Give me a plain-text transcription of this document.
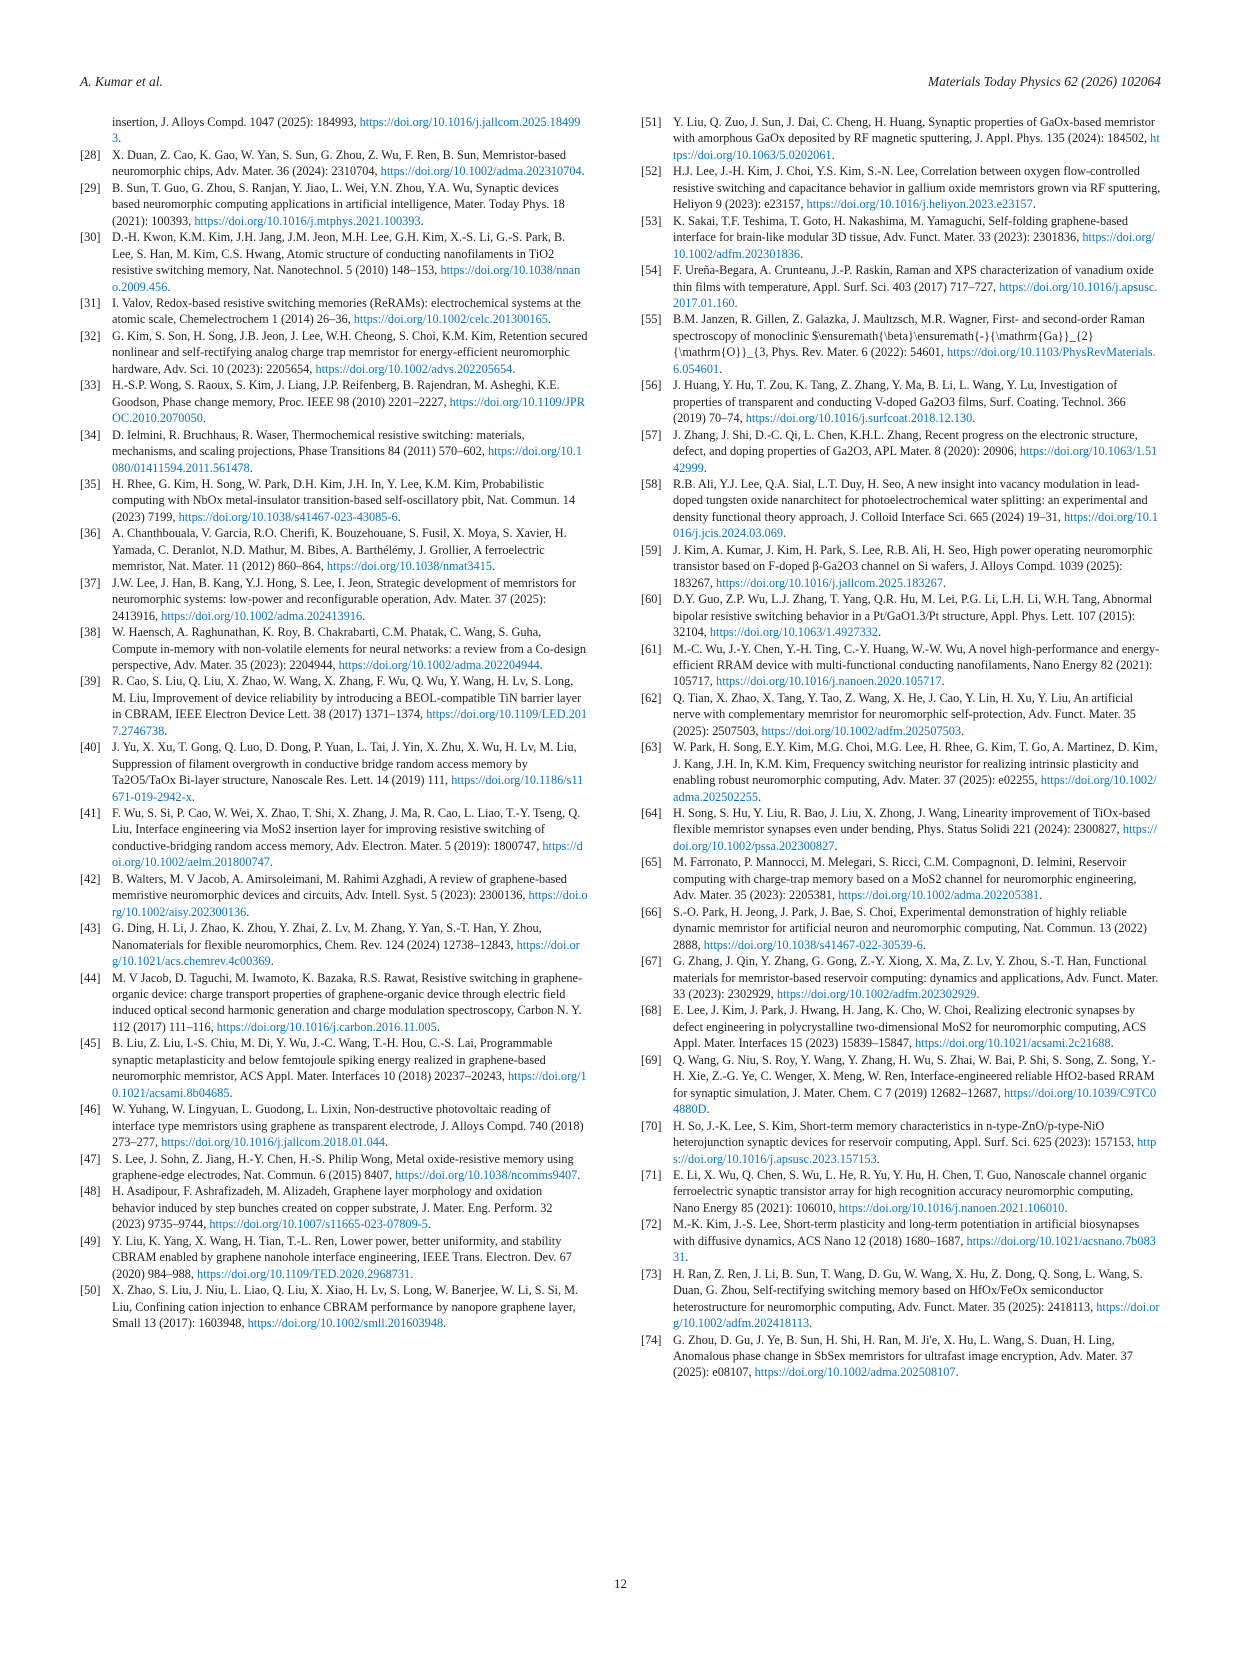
A. Kumar et al.	Materials Today Physics 62 (2026) 102064

insertion, J. Alloys Compd. 1047 (2025): 184993, https://doi.org/10.1016/j.jallcom.2025.184993.

[28] X. Duan, Z. Cao, K. Gao, W. Yan, S. Sun, G. Zhou, Z. Wu, F. Ren, B. Sun, Memristor-based neuromorphic chips, Adv. Mater. 36 (2024): 2310704, https://doi.org/10.1002/adma.202310704.

[29] B. Sun, T. Guo, G. Zhou, S. Ranjan, Y. Jiao, L. Wei, Y.N. Zhou, Y.A. Wu, Synaptic devices based neuromorphic computing applications in artificial intelligence, Mater. Today Phys. 18 (2021): 100393, https://doi.org/10.1016/j.mtphys.2021.100393.

[30] D.-H. Kwon, K.M. Kim, J.H. Jang, J.M. Jeon, M.H. Lee, G.H. Kim, X.-S. Li, G.-S. Park, B. Lee, S. Han, M. Kim, C.S. Hwang, Atomic structure of conducting nanofilaments in TiO2 resistive switching memory, Nat. Nanotechnol. 5 (2010) 148–153, https://doi.org/10.1038/nnano.2009.456.

[31] I. Valov, Redox-based resistive switching memories (ReRAMs): electrochemical systems at the atomic scale, Chemelectrochem 1 (2014) 26–36, https://doi.org/10.1002/celc.201300165.

[32] G. Kim, S. Son, H. Song, J.B. Jeon, J. Lee, W.H. Cheong, S. Choi, K.M. Kim, Retention secured nonlinear and self-rectifying analog charge trap memristor for energy-efficient neuromorphic hardware, Adv. Sci. 10 (2023): 2205654, https://doi.org/10.1002/advs.202205654.

[33] H.-S.P. Wong, S. Raoux, S. Kim, J. Liang, J.P. Reifenberg, B. Rajendran, M. Asheghi, K.E. Goodson, Phase change memory, Proc. IEEE 98 (2010) 2201–2227, https://doi.org/10.1109/JPROC.2010.2070050.

[34] D. Ielmini, R. Bruchhaus, R. Waser, Thermochemical resistive switching: materials, mechanisms, and scaling projections, Phase Transitions 84 (2011) 570–602, https://doi.org/10.1080/01411594.2011.561478.

[35] H. Rhee, G. Kim, H. Song, W. Park, D.H. Kim, J.H. In, Y. Lee, K.M. Kim, Probabilistic computing with NbOx metal-insulator transition-based self-oscillatory pbit, Nat. Commun. 14 (2023) 7199, https://doi.org/10.1038/s41467-023-43085-6.

[36] A. Chanthbouala, V. Garcia, R.O. Cherifi, K. Bouzehouane, S. Fusil, X. Moya, S. Xavier, H. Yamada, C. Deranlot, N.D. Mathur, M. Bibes, A. Barthélémy, J. Grollier, A ferroelectric memristor, Nat. Mater. 11 (2012) 860–864, https://doi.org/10.1038/nmat3415.

[37] J.W. Lee, J. Han, B. Kang, Y.J. Hong, S. Lee, I. Jeon, Strategic development of memristors for neuromorphic systems: low-power and reconfigurable operation, Adv. Mater. 37 (2025): 2413916, https://doi.org/10.1002/adma.202413916.

[38] W. Haensch, A. Raghunathan, K. Roy, B. Chakrabarti, C.M. Phatak, C. Wang, S. Guha, Compute in-memory with non-volatile elements for neural networks: a review from a Co-design perspective, Adv. Mater. 35 (2023): 2204944, https://doi.org/10.1002/adma.202204944.

[39] R. Cao, S. Liu, Q. Liu, X. Zhao, W. Wang, X. Zhang, F. Wu, Q. Wu, Y. Wang, H. Lv, S. Long, M. Liu, Improvement of device reliability by introducing a BEOL-compatible TiN barrier layer in CBRAM, IEEE Electron Device Lett. 38 (2017) 1371–1374, https://doi.org/10.1109/LED.2017.2746738.

[40] J. Yu, X. Xu, T. Gong, Q. Luo, D. Dong, P. Yuan, L. Tai, J. Yin, X. Zhu, X. Wu, H. Lv, M. Liu, Suppression of filament overgrowth in conductive bridge random access memory by Ta2O5/TaOx Bi-layer structure, Nanoscale Res. Lett. 14 (2019) 111, https://doi.org/10.1186/s11671-019-2942-x.

[41] F. Wu, S. Si, P. Cao, W. Wei, X. Zhao, T. Shi, X. Zhang, J. Ma, R. Cao, L. Liao, T.-Y. Tseng, Q. Liu, Interface engineering via MoS2 insertion layer for improving resistive switching of conductive-bridging random access memory, Adv. Electron. Mater. 5 (2019): 1800747, https://doi.org/10.1002/aelm.201800747.

[42] B. Walters, M. V Jacob, A. Amirsoleimani, M. Rahimi Azghadi, A review of graphene-based memristive neuromorphic devices and circuits, Adv. Intell. Syst. 5 (2023): 2300136, https://doi.org/10.1002/aisy.202300136.

[43] G. Ding, H. Li, J. Zhao, K. Zhou, Y. Zhai, Z. Lv, M. Zhang, Y. Yan, S.-T. Han, Y. Zhou, Nanomaterials for flexible neuromorphics, Chem. Rev. 124 (2024) 12738–12843, https://doi.org/10.1021/acs.chemrev.4c00369.

[44] M. V Jacob, D. Taguchi, M. Iwamoto, K. Bazaka, R.S. Rawat, Resistive switching in graphene-organic device: charge transport properties of graphene-organic device through electric field induced optical second harmonic generation and charge modulation spectroscopy, Carbon N. Y. 112 (2017) 111–116, https://doi.org/10.1016/j.carbon.2016.11.005.

[45] B. Liu, Z. Liu, I.-S. Chiu, M. Di, Y. Wu, J.-C. Wang, T.-H. Hou, C.-S. Lai, Programmable synaptic metaplasticity and below femtojoule spiking energy realized in graphene-based neuromorphic memristor, ACS Appl. Mater. Interfaces 10 (2018) 20237–20243, https://doi.org/10.1021/acsami.8b04685.

[46] W. Yuhang, W. Lingyuan, L. Guodong, L. Lixin, Non-destructive photovoltaic reading of interface type memristors using graphene as transparent electrode, J. Alloys Compd. 740 (2018) 273–277, https://doi.org/10.1016/j.jallcom.2018.01.044.

[47] S. Lee, J. Sohn, Z. Jiang, H.-Y. Chen, H.-S. Philip Wong, Metal oxide-resistive memory using graphene-edge electrodes, Nat. Commun. 6 (2015) 8407, https://doi.org/10.1038/ncomms9407.

[48] H. Asadipour, F. Ashrafizadeh, M. Alizadeh, Graphene layer morphology and oxidation behavior induced by step bunches created on copper substrate, J. Mater. Eng. Perform. 32 (2023) 9735–9744, https://doi.org/10.1007/s11665-023-07809-5.

[49] Y. Liu, K. Yang, X. Wang, H. Tian, T.-L. Ren, Lower power, better uniformity, and stability CBRAM enabled by graphene nanohole interface engineering, IEEE Trans. Electron. Dev. 67 (2020) 984–988, https://doi.org/10.1109/TED.2020.2968731.

[50] X. Zhao, S. Liu, J. Niu, L. Liao, Q. Liu, X. Xiao, H. Lv, S. Long, W. Banerjee, W. Li, S. Si, M. Liu, Confining cation injection to enhance CBRAM performance by nanopore graphene layer, Small 13 (2017): 1603948, https://doi.org/10.1002/smll.201603948.

[51] Y. Liu, Q. Zuo, J. Sun, J. Dai, C. Cheng, H. Huang, Synaptic properties of GaOx-based memristor with amorphous GaOx deposited by RF magnetic sputtering, J. Appl. Phys. 135 (2024): 184502, https://doi.org/10.1063/5.0202061.

[52] H.J. Lee, J.-H. Kim, J. Choi, Y.S. Kim, S.-N. Lee, Correlation between oxygen flow-controlled resistive switching and capacitance behavior in gallium oxide memristors grown via RF sputtering, Heliyon 9 (2023): e23157, https://doi.org/10.1016/j.heliyon.2023.e23157.

[53] K. Sakai, T.F. Teshima, T. Goto, H. Nakashima, M. Yamaguchi, Self-folding graphene-based interface for brain-like modular 3D tissue, Adv. Funct. Mater. 33 (2023): 2301836, https://doi.org/10.1002/adfm.202301836.

[54] F. Ureña-Begara, A. Crunteanu, J.-P. Raskin, Raman and XPS characterization of vanadium oxide thin films with temperature, Appl. Surf. Sci. 403 (2017) 717–727, https://doi.org/10.1016/j.apsusc.2017.01.160.

[55] B.M. Janzen, R. Gillen, Z. Galazka, J. Maultzsch, M.R. Wagner, First- and second-order Raman spectroscopy of monoclinic $\ensuremath{\beta}\ensuremath{-}{\mathrm{Ga}}_{2}{\mathrm{O}}_{3, Phys. Rev. Mater. 6 (2022): 54601, https://doi.org/10.1103/PhysRevMaterials.6.054601.

[56] J. Huang, Y. Hu, T. Zou, K. Tang, Z. Zhang, Y. Ma, B. Li, L. Wang, Y. Lu, Investigation of properties of transparent and conducting V-doped Ga2O3 films, Surf. Coating. Technol. 366 (2019) 70–74, https://doi.org/10.1016/j.surfcoat.2018.12.130.

[57] J. Zhang, J. Shi, D.-C. Qi, L. Chen, K.H.L. Zhang, Recent progress on the electronic structure, defect, and doping properties of Ga2O3, APL Mater. 8 (2020): 20906, https://doi.org/10.1063/1.5142999.

[58] R.B. Ali, Y.J. Lee, Q.A. Sial, L.T. Duy, H. Seo, A new insight into vacancy modulation in lead-doped tungsten oxide nanarchitect for photoelectrochemical water splitting: an experimental and density functional theory approach, J. Colloid Interface Sci. 665 (2024) 19–31, https://doi.org/10.1016/j.jcis.2024.03.069.

[59] J. Kim, A. Kumar, J. Kim, H. Park, S. Lee, R.B. Ali, H. Seo, High power operating neuromorphic transistor based on F-doped β-Ga2O3 channel on Si wafers, J. Alloys Compd. 1039 (2025): 183267, https://doi.org/10.1016/j.jallcom.2025.183267.

[60] D.Y. Guo, Z.P. Wu, L.J. Zhang, T. Yang, Q.R. Hu, M. Lei, P.G. Li, L.H. Li, W.H. Tang, Abnormal bipolar resistive switching behavior in a Pt/GaO1.3/Pt structure, Appl. Phys. Lett. 107 (2015): 32104, https://doi.org/10.1063/1.4927332.

[61] M.-C. Wu, J.-Y. Chen, Y.-H. Ting, C.-Y. Huang, W.-W. Wu, A novel high-performance and energy-efficient RRAM device with multi-functional conducting nanofilaments, Nano Energy 82 (2021): 105717, https://doi.org/10.1016/j.nanoen.2020.105717.

[62] Q. Tian, X. Zhao, X. Tang, Y. Tao, Z. Wang, X. He, J. Cao, Y. Lin, H. Xu, Y. Liu, An artificial nerve with complementary memristor for neuromorphic self-protection, Adv. Funct. Mater. 35 (2025): 2507503, https://doi.org/10.1002/adfm.202507503.

[63] W. Park, H. Song, E.Y. Kim, M.G. Choi, M.G. Lee, H. Rhee, G. Kim, T. Go, A. Martinez, D. Kim, J. Kang, J.H. In, K.M. Kim, Frequency switching neuristor for realizing intrinsic plasticity and enabling robust neuromorphic computing, Adv. Mater. 37 (2025): e02255, https://doi.org/10.1002/adma.202502255.

[64] H. Song, S. Hu, Y. Liu, R. Bao, J. Liu, X. Zhong, J. Wang, Linearity improvement of TiOx-based flexible memristor synapses even under bending, Phys. Status Solidi 221 (2024): 2300827, https://doi.org/10.1002/pssa.202300827.

[65] M. Farronato, P. Mannocci, M. Melegari, S. Ricci, C.M. Compagnoni, D. Ielmini, Reservoir computing with charge-trap memory based on a MoS2 channel for neuromorphic engineering, Adv. Mater. 35 (2023): 2205381, https://doi.org/10.1002/adma.202205381.

[66] S.-O. Park, H. Jeong, J. Park, J. Bae, S. Choi, Experimental demonstration of highly reliable dynamic memristor for artificial neuron and neuromorphic computing, Nat. Commun. 13 (2022) 2888, https://doi.org/10.1038/s41467-022-30539-6.

[67] G. Zhang, J. Qin, Y. Zhang, G. Gong, Z.-Y. Xiong, X. Ma, Z. Lv, Y. Zhou, S.-T. Han, Functional materials for memristor-based reservoir computing: dynamics and applications, Adv. Funct. Mater. 33 (2023): 2302929, https://doi.org/10.1002/adfm.202302929.

[68] E. Lee, J. Kim, J. Park, J. Hwang, H. Jang, K. Cho, W. Choi, Realizing electronic synapses by defect engineering in polycrystalline two-dimensional MoS2 for neuromorphic computing, ACS Appl. Mater. Interfaces 15 (2023) 15839–15847, https://doi.org/10.1021/acsami.2c21688.

[69] Q. Wang, G. Niu, S. Roy, Y. Wang, Y. Zhang, H. Wu, S. Zhai, W. Bai, P. Shi, S. Song, Z. Song, Y.-H. Xie, Z.-G. Ye, C. Wenger, X. Meng, W. Ren, Interface-engineered reliable HfO2-based RRAM for synaptic simulation, J. Mater. Chem. C 7 (2019) 12682–12687, https://doi.org/10.1039/C9TC04880D.

[70] H. So, J.-K. Lee, S. Kim, Short-term memory characteristics in n-type-ZnO/p-type-NiO heterojunction synaptic devices for reservoir computing, Appl. Surf. Sci. 625 (2023): 157153, https://doi.org/10.1016/j.apsusc.2023.157153.

[71] E. Li, X. Wu, Q. Chen, S. Wu, L. He, R. Yu, Y. Hu, H. Chen, T. Guo, Nanoscale channel organic ferroelectric synaptic transistor array for high recognition accuracy neuromorphic computing, Nano Energy 85 (2021): 106010, https://doi.org/10.1016/j.nanoen.2021.106010.

[72] M.-K. Kim, J.-S. Lee, Short-term plasticity and long-term potentiation in artificial biosynapses with diffusive dynamics, ACS Nano 12 (2018) 1680–1687, https://doi.org/10.1021/acsnano.7b08331.

[73] H. Ran, Z. Ren, J. Li, B. Sun, T. Wang, D. Gu, W. Wang, X. Hu, Z. Dong, Q. Song, L. Wang, S. Duan, G. Zhou, Self-rectifying switching memory based on HfOx/FeOx semiconductor heterostructure for neuromorphic computing, Adv. Funct. Mater. 35 (2025): 2418113, https://doi.org/10.1002/adfm.202418113.

[74] G. Zhou, D. Gu, J. Ye, B. Sun, H. Shi, H. Ran, M. Ji'e, X. Hu, L. Wang, S. Duan, H. Ling, Anomalous phase change in SbSex memristors for ultrafast image encryption, Adv. Mater. 37 (2025): e08107, https://doi.org/10.1002/adma.202508107.

12
